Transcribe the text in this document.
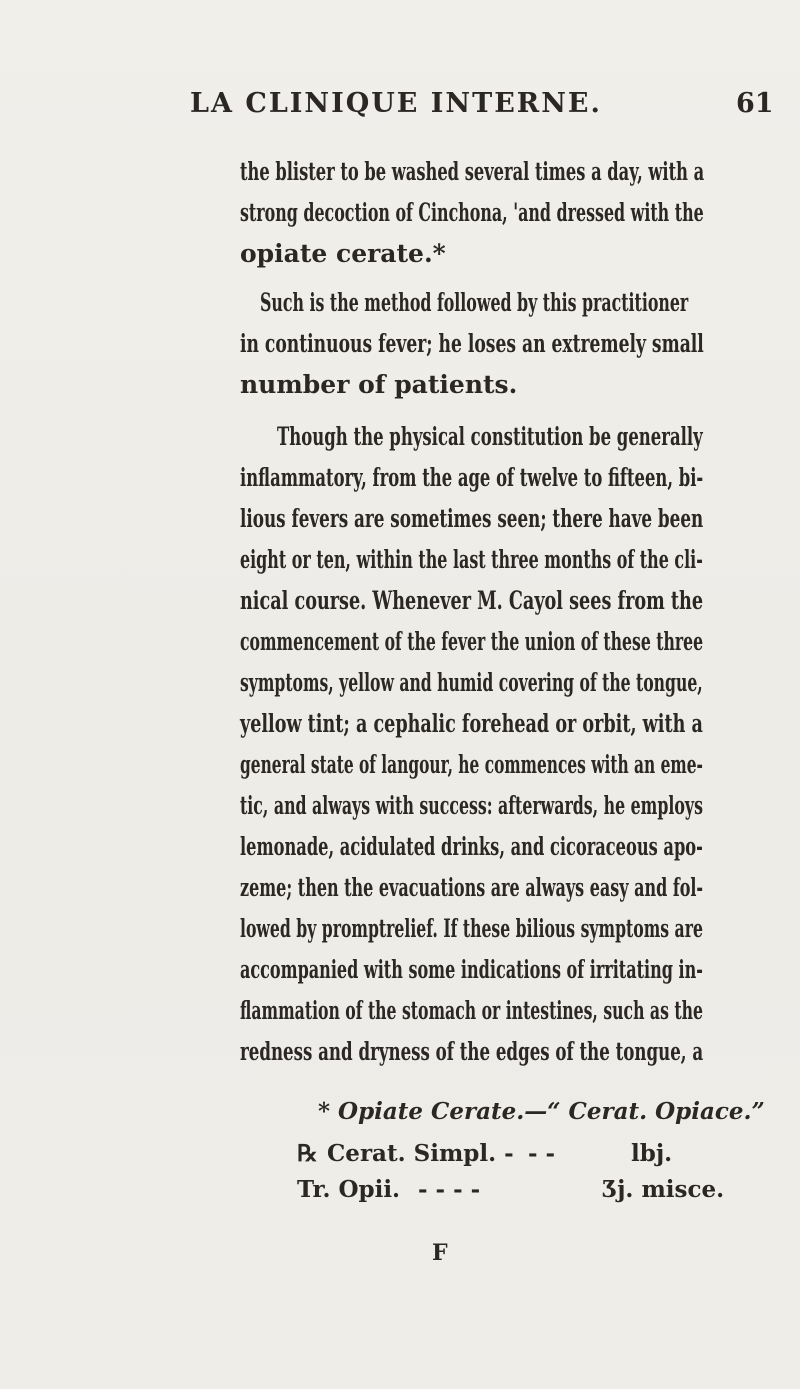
LA CLINIQUE INTERNE.	61
the blister to be washed several times a day, with a
strong decoction of Cinchona, 'and dressed with the
opiate cerate.*
Such is the method followed by this practitioner
in continuous fever; he loses an extremely small
number of patients.
Though the physical constitution be generally
inflammatory, from the age of twelve to fifteen, bi-
lious fevers are sometimes seen; there have been
eight or ten, within the last three months of the cli-
nical course. Whenever M. Cayol sees from the
commencement of the fever the union of these three
symptoms, yellow and humid covering of the tongue,
yellow tint; a cephalic forehead or orbit, with a
general state of langour, he commences with an eme-
tic, and always with success: afterwards, he employs
lemonade, acidulated drinks, and cicoraceous apo-
zeme; then the evacuations are always easy and fol-
lowed by promptrelief. If these bilious symptoms are
accompanied with some indications of irritating in-
flammation of the stomach or intestines, such as the
redness and dryness of the edges of the tongue, a
* Opiate Cerate.—“ Cerat. Opiace.”
℞ Cerat. Simpl. - - -	lbj.
Tr. Opii. - - - -	Ʒj. misce.
F
